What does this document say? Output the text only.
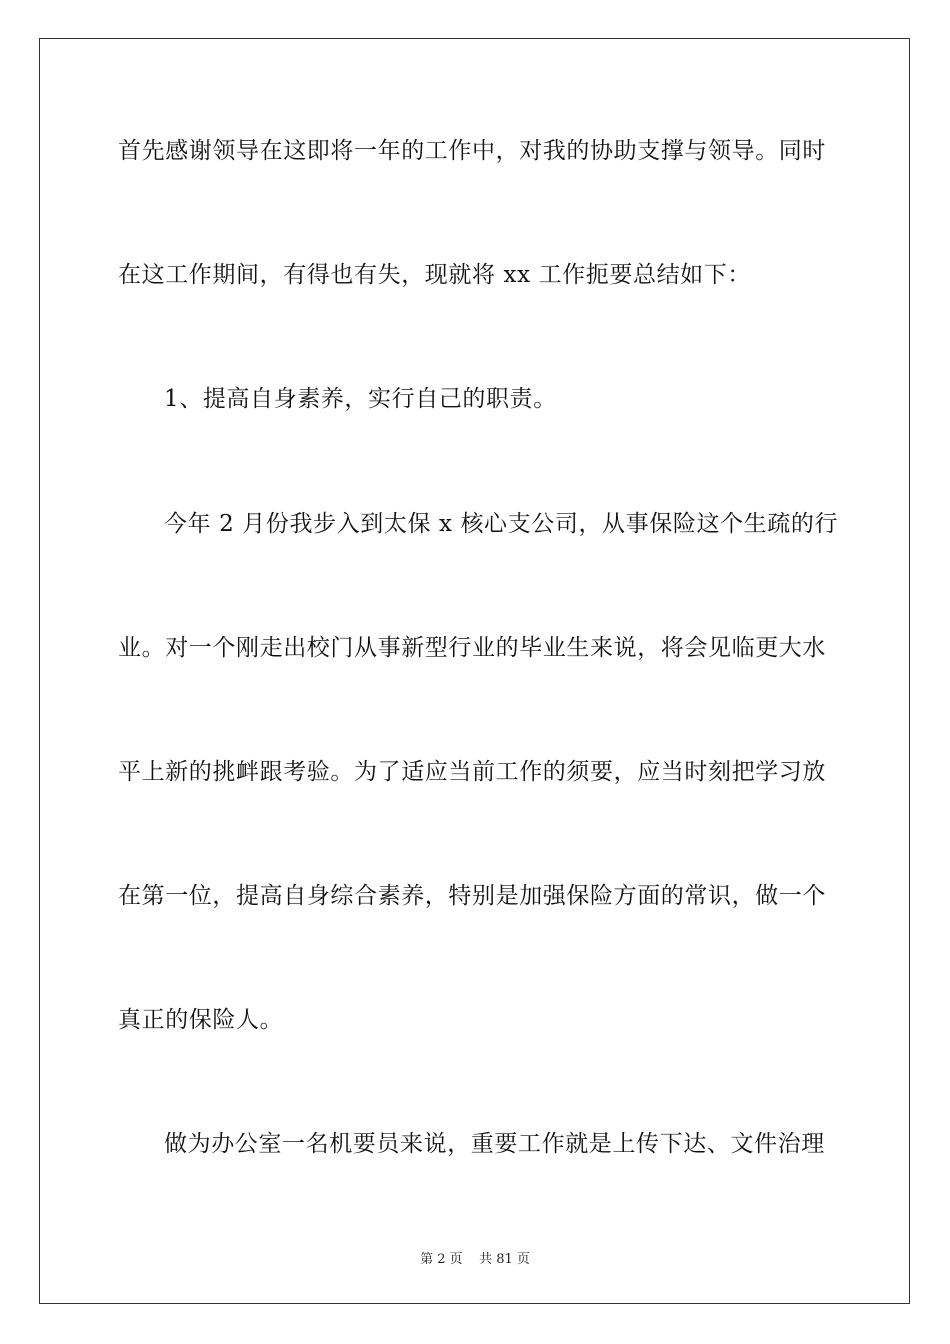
首先感谢领导在这即将一年的工作中，对我的协助支撑与领导。同时
在这工作期间，有得也有失，现就将 xx 工作扼要总结如下：
1、提高自身素养，实行自己的职责。
今年 2 月份我步入到太保 x 核心支公司，从事保险这个生疏的行
业。对一个刚走出校门从事新型行业的毕业生来说，将会见临更大水
平上新的挑衅跟考验。为了适应当前工作的须要，应当时刻把学习放
在第一位，提高自身综合素养，特别是加强保险方面的常识，做一个
真正的保险人。
做为办公室一名机要员来说，重要工作就是上传下达、文件治理
第 2 页    共 81 页
